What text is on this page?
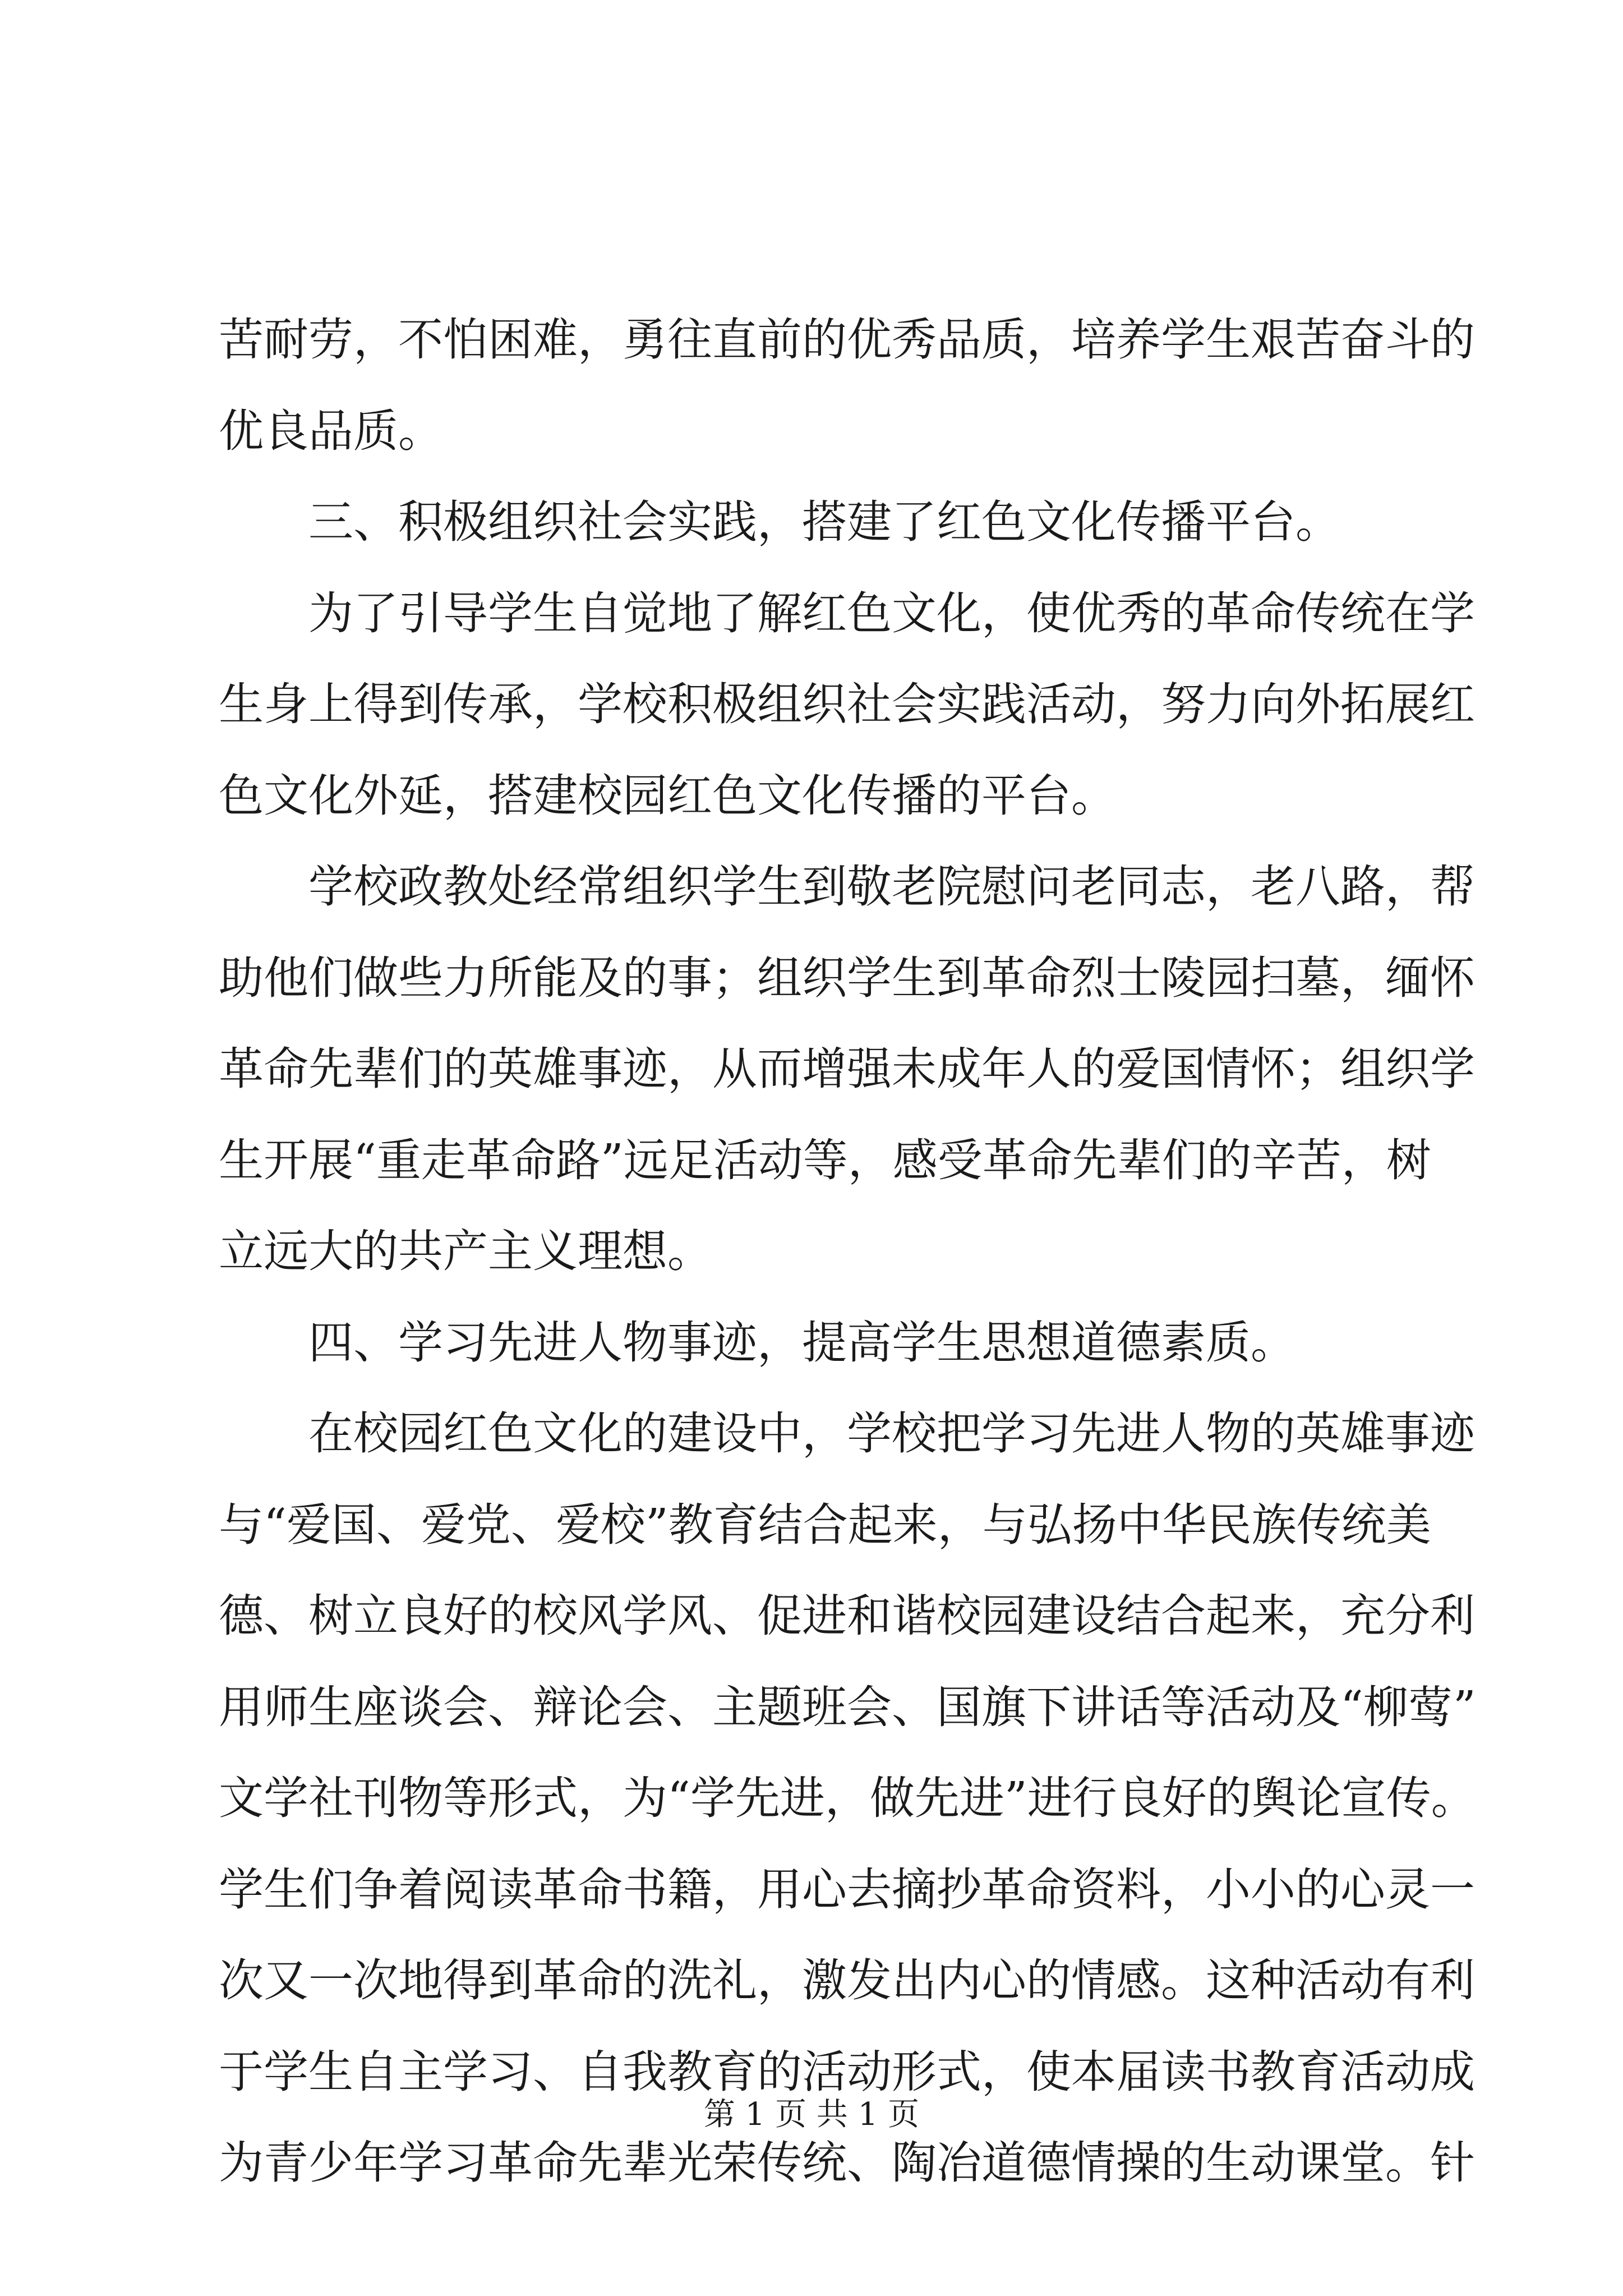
苦耐劳，不怕困难，勇往直前的优秀品质，培养学生艰苦奋斗的
优良品质。
三、积极组织社会实践，搭建了红色文化传播平台。
为了引导学生自觉地了解红色文化，使优秀的革命传统在学
生身上得到传承，学校积极组织社会实践活动，努力向外拓展红
色文化外延，搭建校园红色文化传播的平台。
学校政教处经常组织学生到敬老院慰问老同志，老八路，帮
助他们做些力所能及的事；组织学生到革命烈士陵园扫墓，缅怀
革命先辈们的英雄事迹，从而增强未成年人的爱国情怀；组织学
生开展“重走革命路”远足活动等，感受革命先辈们的辛苦，树
立远大的共产主义理想。
四、学习先进人物事迹，提高学生思想道德素质。
在校园红色文化的建设中，学校把学习先进人物的英雄事迹
与“爱国、爱党、爱校”教育结合起来，与弘扬中华民族传统美
德、树立良好的校风学风、促进和谐校园建设结合起来，充分利
用师生座谈会、辩论会、主题班会、国旗下讲话等活动及“柳莺”
文学社刊物等形式，为“学先进，做先进”进行良好的舆论宣传。
学生们争着阅读革命书籍，用心去摘抄革命资料，小小的心灵一
次又一次地得到革命的洗礼，激发出内心的情感。这种活动有利
于学生自主学习、自我教育的活动形式，使本届读书教育活动成
为青少年学习革命先辈光荣传统、陶冶道德情操的生动课堂。针
第 1 页 共 1 页
